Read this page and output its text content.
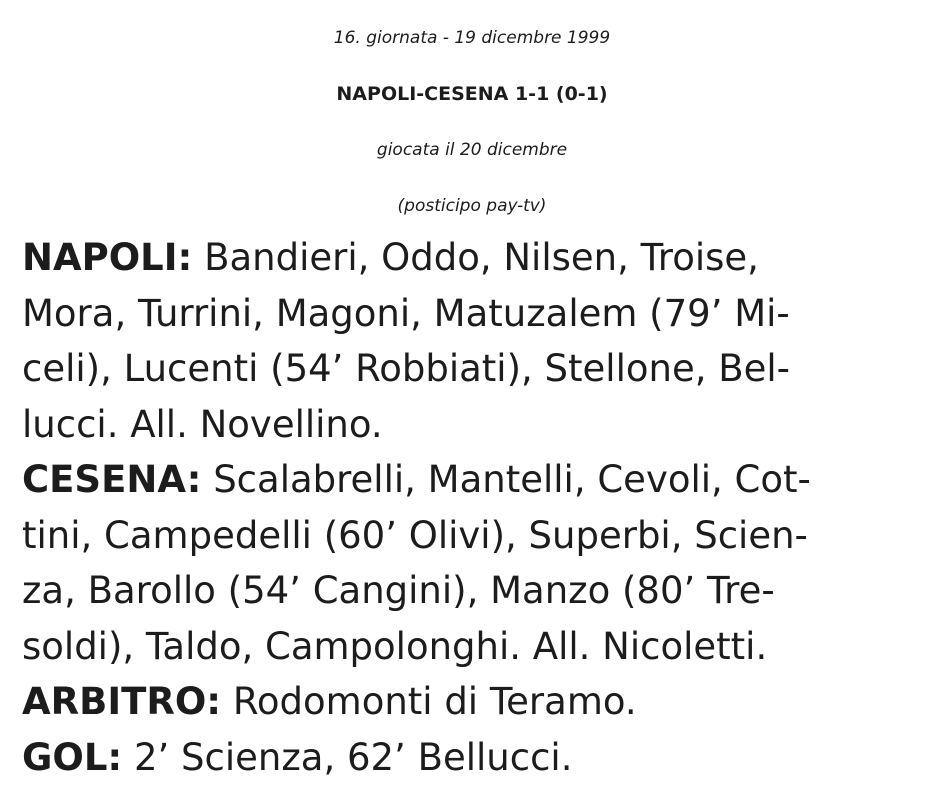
16. giornata - 19 dicembre 1999
NAPOLI-CESENA 1-1 (0-1)
giocata il 20 dicembre
(posticipo pay-tv)
NAPOLI: Bandieri, Oddo, Nilsen, Troise,
Mora, Turrini, Magoni, Matuzalem (79’ Mi-
celi), Lucenti (54’ Robbiati), Stellone, Bel-
lucci. All. Novellino.
CESENA: Scalabrelli, Mantelli, Cevoli, Cot-
tini, Campedelli (60’ Olivi), Superbi, Scien-
za, Barollo (54’ Cangini), Manzo (80’ Tre-
soldi), Taldo, Campolonghi. All. Nicoletti.
ARBITRO: Rodomonti di Teramo.
GOL: 2’ Scienza, 62’ Bellucci.
